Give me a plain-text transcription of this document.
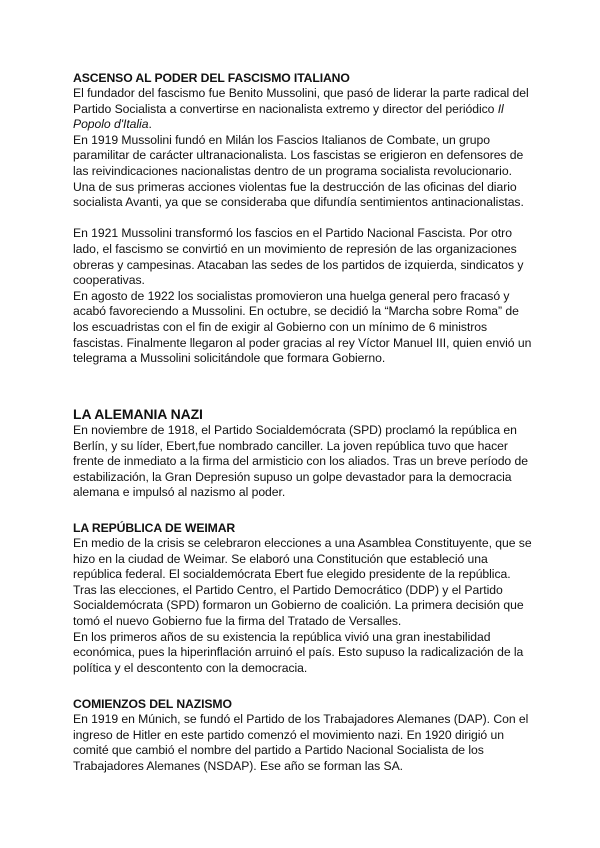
ASCENSO AL PODER DEL FASCISMO ITALIANO

El fundador del fascismo fue Benito Mussolini, que pasó de liderar la parte radical del Partido Socialista a convertirse en nacionalista extremo y director del periódico Il Popolo d'Italia.

En 1919 Mussolini fundó en Milán los Fascios Italianos de Combate, un grupo paramilitar de carácter ultranacionalista. Los fascistas se erigieron en defensores de las reivindicaciones nacionalistas dentro de un programa socialista revolucionario. Una de sus primeras acciones violentas fue la destrucción de las oficinas del diario socialista Avanti, ya que se consideraba que difundía sentimientos antinacionalistas.

En 1921 Mussolini transformó los fascios en el Partido Nacional Fascista. Por otro lado, el fascismo se convirtió en un movimiento de represión de las organizaciones obreras y campesinas. Atacaban las sedes de los partidos de izquierda, sindicatos y cooperativas.

En agosto de 1922 los socialistas promovieron una huelga general pero fracasó y acabó favoreciendo a Mussolini. En octubre, se decidió la “Marcha sobre Roma” de los escuadristas con el fin de exigir al Gobierno con un mínimo de 6 ministros fascistas. Finalmente llegaron al poder gracias al rey Víctor Manuel III, quien envió un telegrama a Mussolini solicitándole que formara Gobierno.

LA ALEMANIA NAZI

En noviembre de 1918, el Partido Socialdemócrata (SPD) proclamó la república en Berlín, y su líder, Ebert,fue nombrado canciller. La joven república tuvo que hacer frente de inmediato a la firma del armisticio con los aliados. Tras un breve período de estabilización, la Gran Depresión supuso un golpe devastador para la democracia alemana e impulsó al nazismo al poder.

LA REPÚBLICA DE WEIMAR

En medio de la crisis se celebraron elecciones a una Asamblea Constituyente, que se hizo en la ciudad de Weimar. Se elaboró una Constitución que estableció una república federal. El socialdemócrata Ebert fue elegido presidente de la república. Tras las elecciones, el Partido Centro, el Partido Democrático (DDP) y el Partido Socialdemócrata (SPD) formaron un Gobierno de coalición. La primera decisión que tomó el nuevo Gobierno fue la firma del Tratado de Versalles.

En los primeros años de su existencia la república vivió una gran inestabilidad económica, pues la hiperinflación arruinó el país. Esto supuso la radicalización de la política y el descontento con la democracia.

COMIENZOS DEL NAZISMO

En 1919 en Múnich, se fundó el Partido de los Trabajadores Alemanes (DAP). Con el ingreso de Hitler en este partido comenzó el movimiento nazi. En 1920 dirigió un comité que cambió el nombre del partido a Partido Nacional Socialista de los Trabajadores Alemanes (NSDAP). Ese año se forman las SA.
